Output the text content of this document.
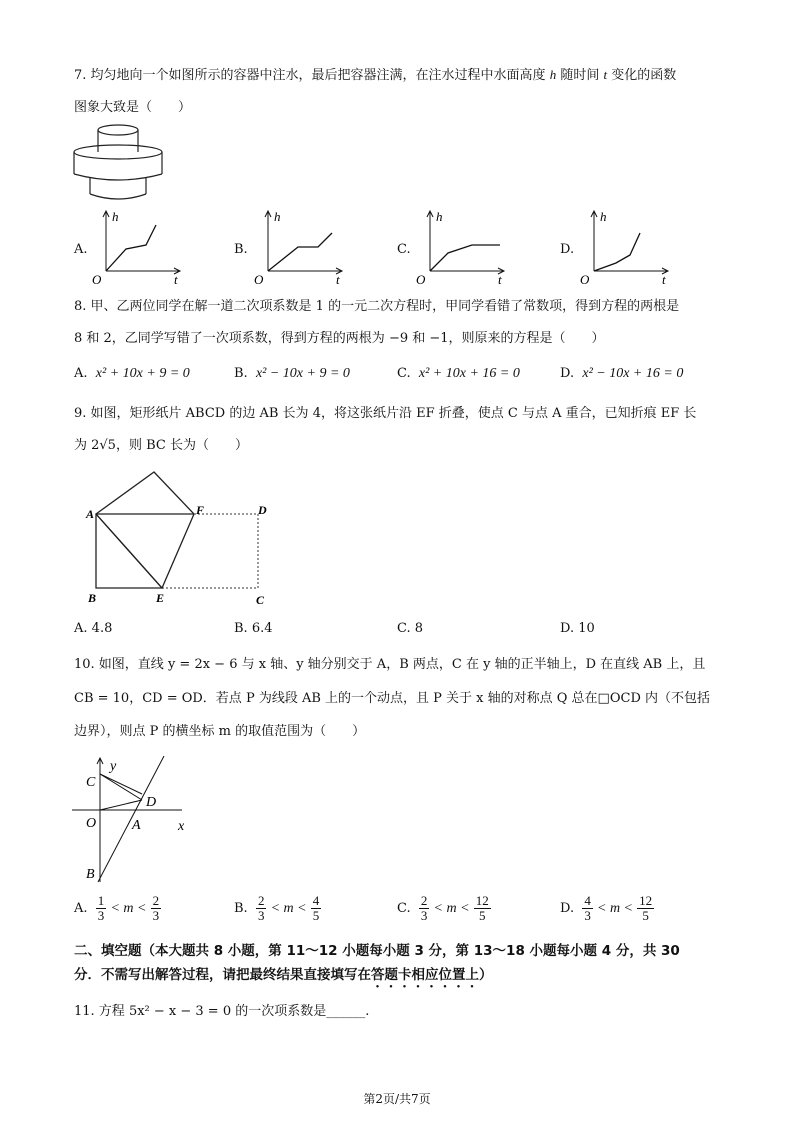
7. 均匀地向一个如图所示的容器中注水，最后把容器注满，在注水过程中水面高度 h 随时间 t 变化的函数
图象大致是（　　）
h
t
O
A.
h
t
O
B.
h
t
O
C.
h
t
O
D.
8. 甲、乙两位同学在解一道二次项系数是 1 的一元二次方程时，甲同学看错了常数项，得到方程的两根是
8 和 2，乙同学写错了一次项系数，得到方程的两根为 −9 和 −1，则原来的方程是（　　）
A. x² + 10x + 9 = 0	B. x² − 10x + 9 = 0	C. x² + 10x + 16 = 0	D. x² − 10x + 16 = 0
9. 如图，矩形纸片 ABCD 的边 AB 长为 4，将这张纸片沿 EF 折叠，使点 C 与点 A 重合，已知折痕 EF 长
为 2√5，则 BC 长为（　　）
A	F	D
B	E	C
A. 4.8	B. 6.4	C. 8	D. 10
10. 如图，直线 y = 2x − 6 与 x 轴、y 轴分别交于 A，B 两点，C 在 y 轴的正半轴上，D 在直线 AB 上，且
CB = 10，CD = OD．若点 P 为线段 AB 上的一个动点，且 P 关于 x 轴的对称点 Q 总在□OCD 内（不包括
边界），则点 P 的横坐标 m 的取值范围为（　　）
C
y
D
O	A	x
B
A. $\frac{1}{3} < m < \frac{2}{3}$	B. $\frac{2}{3} < m < \frac{4}{5}$	C. $\frac{2}{3} < m < \frac{12}{5}$	D. $\frac{4}{3} < m < \frac{12}{5}$
二、填空题（本大题共 8 小题，第 11～12 小题每小题 3 分，第 13～18 小题每小题 4 分，共 30
分．不需写出解答过程，请把最终结果直接填写在答题卡相应位置上）
11. 方程 5x² − x − 3 = 0 的一次项系数是______.
第2页/共7页
